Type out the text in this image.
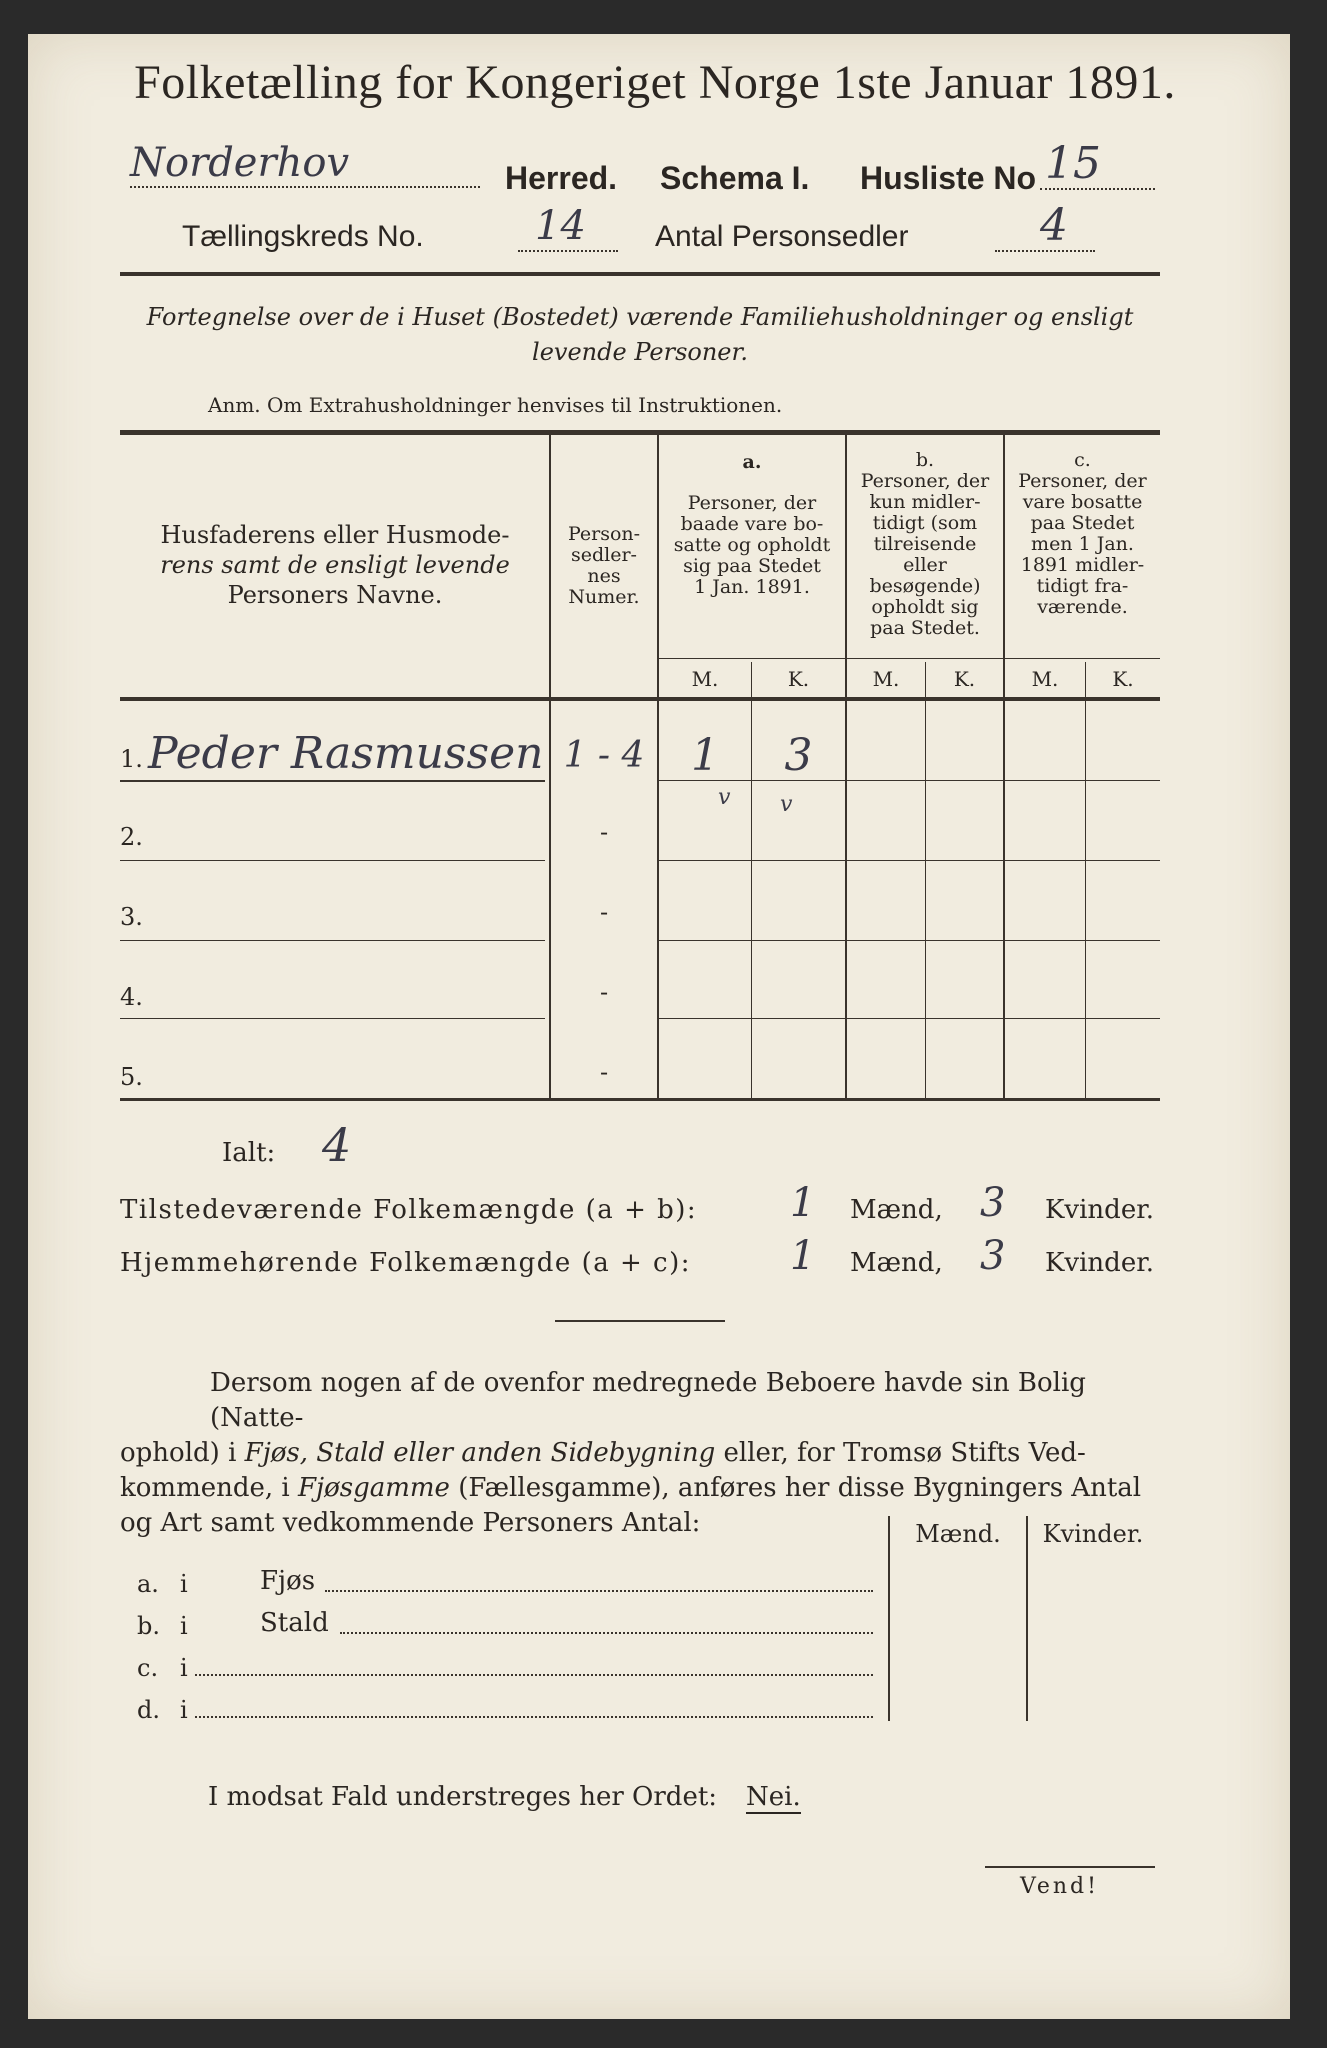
Folketælling for Kongeriget Norge 1ste Januar 1891.
Norderhov	Herred. Schema I. Husliste No 15
Tællingskreds No.	14 Antal Personsedler	4
Fortegnelse over de i Huset (Bostedet) værende Familiehusholdninger og ensligt
levende Personer.
Anm. Om Extrahusholdninger henvises til Instruktionen.
Husfaderens eller Husmode-
rens samt de ensligt levende
Personers Navne.
Person-
sedler-
nes
Numer.
a.
Personer, der
baade vare bo-
satte og opholdt
sig paa Stedet
1 Jan. 1891.
b.
Personer, der
kun midler-
tidigt (som
tilreisende
eller
besøgende)
opholdt sig
paa Stedet.
c.
Personer, der
vare bosatte
paa Stedet
men 1 Jan.
1891 midler-
tidigt fra-
værende.
M.	K.	M.	K.	M.	K.
1. Peder Rasmussen 1 - 4	1	3
v v
2.	-
3.	-
4.	-
5.	-
Ialt: 4
Tilstedeværende Folkemængde (a + b): 1 Mænd, 3 Kvinder.
Hjemmehørende Folkemængde (a + c): 1 Mænd, 3 Kvinder.
Dersom nogen af de ovenfor medregnede Beboere havde sin Bolig (Natte-
ophold) i Fjøs, Stald eller anden Sidebygning eller, for Tromsø Stifts Ved-
kommende, i Fjøsgamme (Fællesgamme), anføres her disse Bygningers Antal
og Art samt vedkommende Personers Antal:	Mænd.	Kvinder.
a. i	Fjøs
b. i	Stald
c. i
d. i
I modsat Fald understreges her Ordet: Nei.
Vend!
